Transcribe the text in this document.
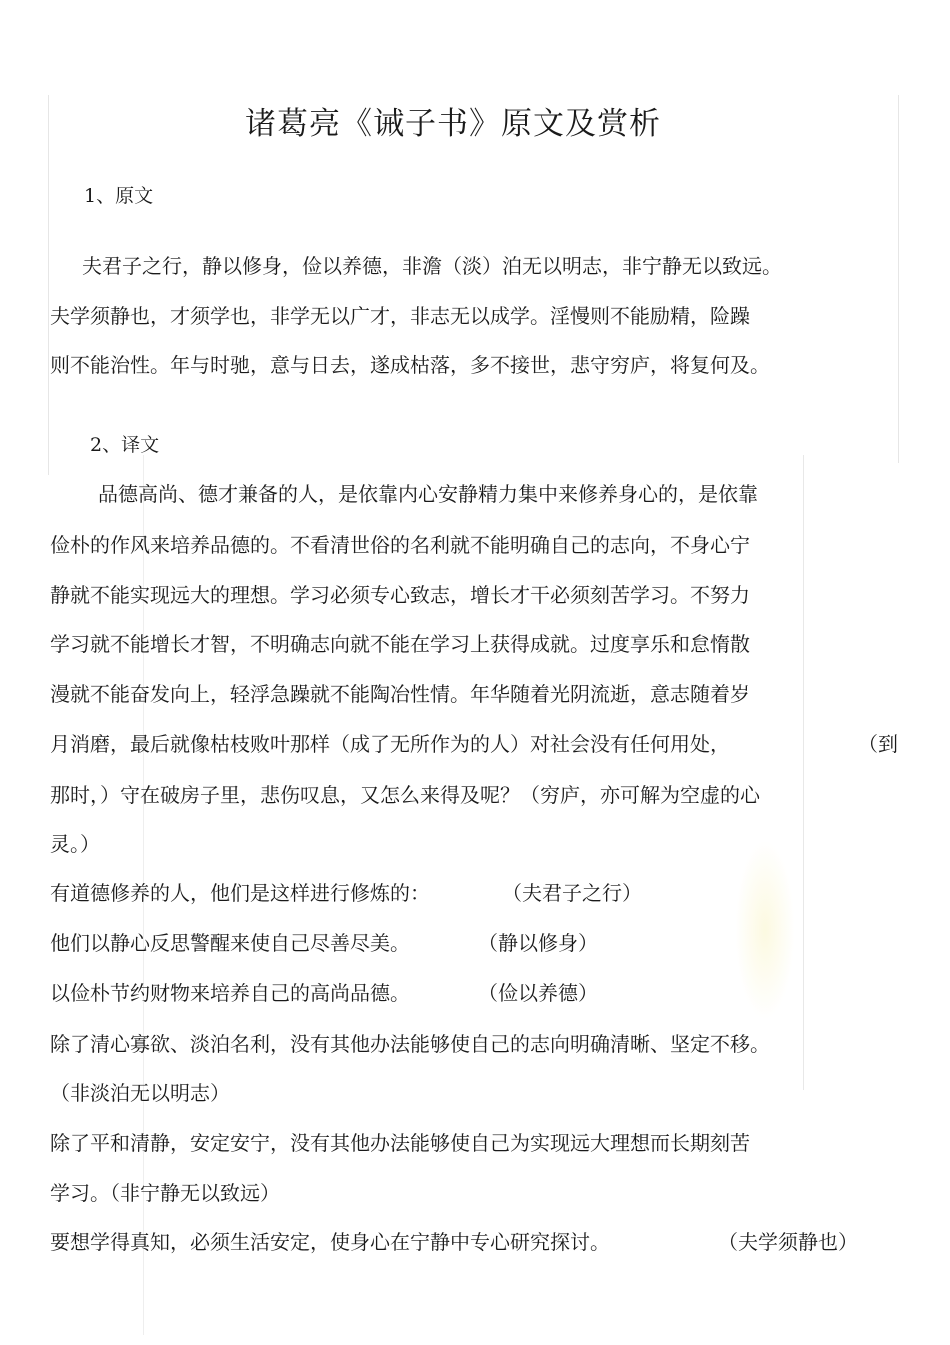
诸葛亮《诫子书》原文及赏析

1、原文

夫君子之行，静以修身，俭以养德，非澹（淡）泊无以明志，非宁静无以致远。

夫学须静也，才须学也，非学无以广才，非志无以成学。淫慢则不能励精，险躁

则不能治性。年与时驰，意与日去，遂成枯落，多不接世，悲守穷庐，将复何及。

2、译文

品德高尚、德才兼备的人，是依靠内心安静精力集中来修养身心的，是依靠

俭朴的作风来培养品德的。不看清世俗的名利就不能明确自己的志向，不身心宁

静就不能实现远大的理想。学习必须专心致志，增长才干必须刻苦学习。不努力

学习就不能增长才智，不明确志向就不能在学习上获得成就。过度享乐和怠惰散

漫就不能奋发向上，轻浮急躁就不能陶冶性情。年华随着光阴流逝，意志随着岁

月消磨，最后就像枯枝败叶那样（成了无所作为的人）对社会没有任何用处，	（到

那时，）守在破房子里，悲伤叹息，又怎么来得及呢？（穷庐，亦可解为空虚的心

灵。）

有道德修养的人，他们是这样进行修炼的：	（夫君子之行）

他们以静心反思警醒来使自己尽善尽美。	（静以修身）

以俭朴节约财物来培养自己的高尚品德。	（俭以养德）

除了清心寡欲、淡泊名利，没有其他办法能够使自己的志向明确清晰、坚定不移。

（非淡泊无以明志）

除了平和清静，安定安宁，没有其他办法能够使自己为实现远大理想而长期刻苦

学习。（非宁静无以致远）

要想学得真知，必须生活安定，使身心在宁静中专心研究探讨。	（夫学须静也）
